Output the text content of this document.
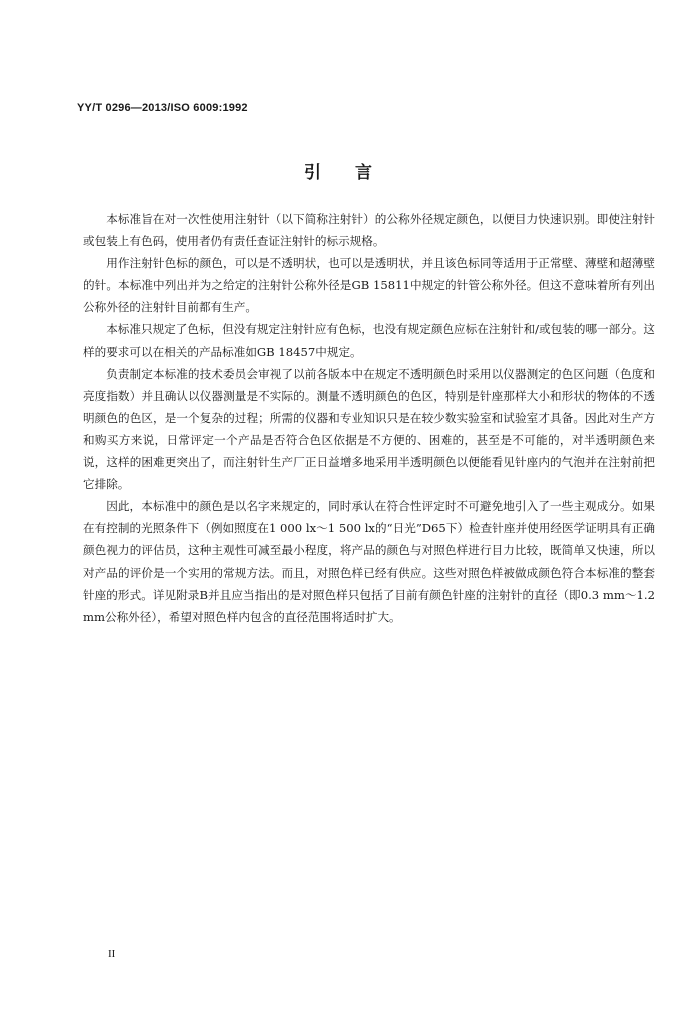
YY/T 0296—2013/ISO 6009:1992
引言

本标准旨在对一次性使用注射针（以下简称注射针）的公称外径规定颜色，以便目力快速识别。即使注射针或包装上有色码，使用者仍有责任查证注射针的标示规格。

用作注射针色标的颜色，可以是不透明状，也可以是透明状，并且该色标同等适用于正常壁、薄壁和超薄壁的针。本标准中列出并为之给定的注射针公称外径是GB 15811中规定的针管公称外径。但这不意味着所有列出公称外径的注射针目前都有生产。

本标准只规定了色标，但没有规定注射针应有色标，也没有规定颜色应标在注射针和/或包装的哪一部分。这样的要求可以在相关的产品标准如GB 18457中规定。

负责制定本标准的技术委员会审视了以前各版本中在规定不透明颜色时采用以仪器测定的色区问题（色度和亮度指数）并且确认以仪器测量是不实际的。测量不透明颜色的色区，特别是针座那样大小和形状的物体的不透明颜色的色区，是一个复杂的过程；所需的仪器和专业知识只是在较少数实验室和试验室才具备。因此对生产方和购买方来说，日常评定一个产品是否符合色区依据是不方便的、困难的，甚至是不可能的，对半透明颜色来说，这样的困难更突出了，而注射针生产厂正日益增多地采用半透明颜色以便能看见针座内的气泡并在注射前把它排除。

因此，本标准中的颜色是以名字来规定的，同时承认在符合性评定时不可避免地引入了一些主观成分。如果在有控制的光照条件下（例如照度在1 000 lx～1 500 lx的“日光”D65下）检查针座并使用经医学证明具有正确颜色视力的评估员，这种主观性可减至最小程度，将产品的颜色与对照色样进行目力比较，既简单又快速，所以对产品的评价是一个实用的常规方法。而且，对照色样已经有供应。这些对照色样被做成颜色符合本标准的整套针座的形式。详见附录B并且应当指出的是对照色样只包括了目前有颜色针座的注射针的直径（即0.3 mm～1.2 mm公称外径），希望对照色样内包含的直径范围将适时扩大。

II
